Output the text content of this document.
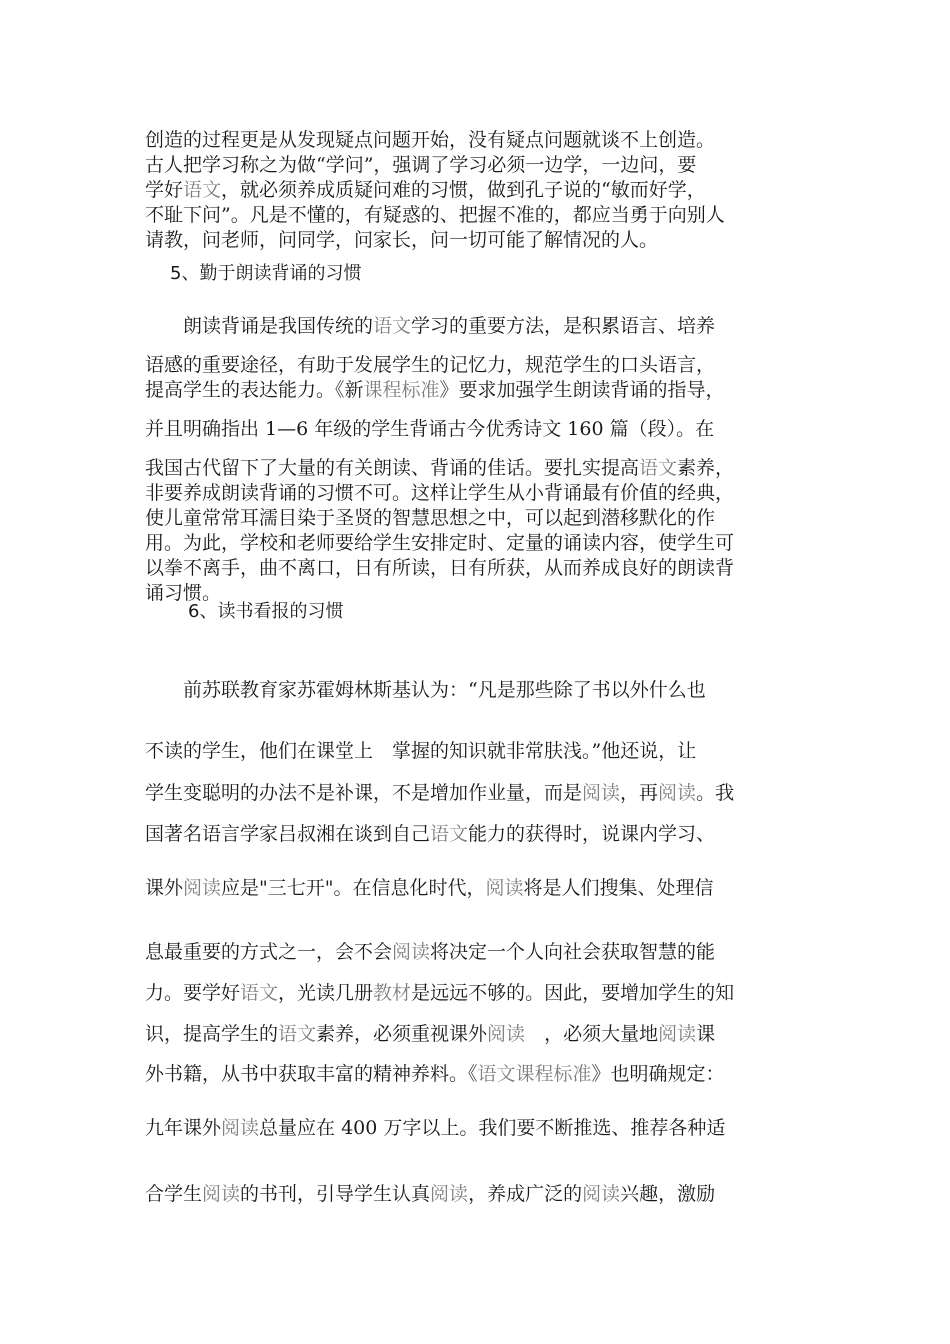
创造的过程更是从发现疑点问题开始，没有疑点问题就谈不上创造。
古人把学习称之为做“学问”，强调了学习必须一边学，一边问，要
学好语文，就必须养成质疑问难的习惯，做到孔子说的“敏而好学，
不耻下问”。凡是不懂的，有疑惑的、把握不准的，都应当勇于向别人
请教，问老师，问同学，问家长，问一切可能了解情况的人。
5、勤于朗读背诵的习惯
朗读背诵是我国传统的语文学习的重要方法，是积累语言、培养
语感的重要途径，有助于发展学生的记忆力，规范学生的口头语言，
提高学生的表达能力。《新课程标准》要求加强学生朗读背诵的指导，
并且明确指出 1—6 年级的学生背诵古今优秀诗文 160 篇（段）。在
我国古代留下了大量的有关朗读、背诵的佳话。要扎实提高语文素养，
非要养成朗读背诵的习惯不可。这样让学生从小背诵最有价值的经典，
使儿童常常耳濡目染于圣贤的智慧思想之中，可以起到潜移默化的作
用。为此，学校和老师要给学生安排定时、定量的诵读内容，使学生可
以拳不离手，曲不离口，日有所读，日有所获，从而养成良好的朗读背
诵习惯。
6、读书看报的习惯
前苏联教育家苏霍姆林斯基认为：“凡是那些除了书以外什么也
不读的学生，他们在课堂上　掌握的知识就非常肤浅。”他还说，让
学生变聪明的办法不是补课，不是增加作业量，而是阅读，再阅读。我
国著名语言学家吕叔湘在谈到自己语文能力的获得时，说课内学习、
课外阅读应是"三七开"。在信息化时代，阅读将是人们搜集、处理信
息最重要的方式之一，会不会阅读将决定一个人向社会获取智慧的能
力。要学好语文，光读几册教材是远远不够的。因此，要增加学生的知
识，提高学生的语文素养，必须重视课外阅读　，必须大量地阅读课
外书籍，从书中获取丰富的精神养料。《语文课程标准》也明确规定：
九年课外阅读总量应在 400 万字以上。我们要不断推选、推荐各种适
合学生阅读的书刊，引导学生认真阅读，养成广泛的阅读兴趣，激励
